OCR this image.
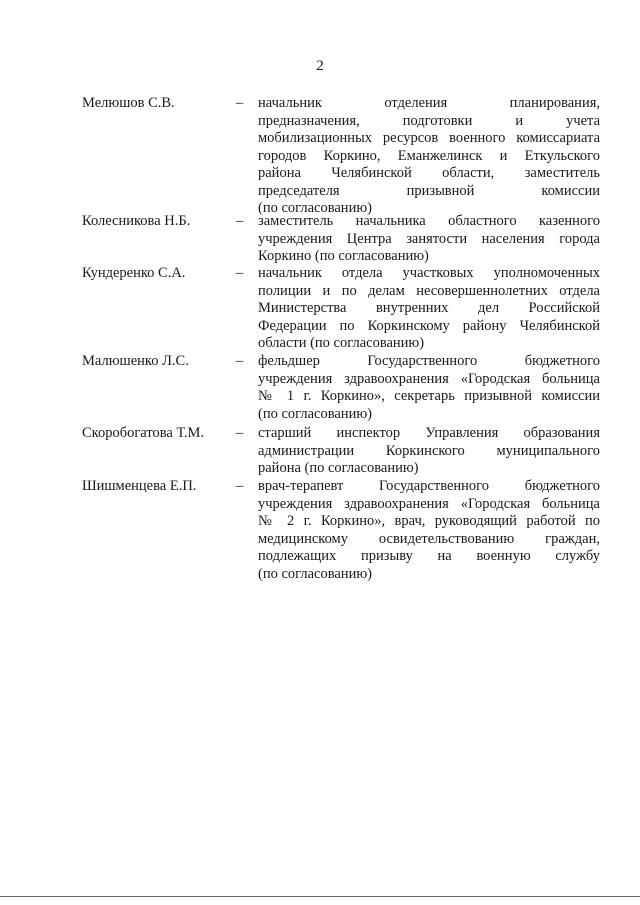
2
Мелюшов С.В.	– начальник отделения планирования,
предназначения, подготовки и учета
мобилизационных ресурсов военного комиссариата
городов Коркино, Еманжелинск и Еткульского
района Челябинской области, заместитель
председателя призывной комиссии
(по согласованию)
Колесникова Н.Б.	– заместитель начальника областного казенного
учреждения Центра занятости населения города
Коркино (по согласованию)
Кундеренко С.А.	– начальник отдела участковых уполномоченных
полиции и по делам несовершеннолетних отдела
Министерства внутренних дел Российской
Федерации по Коркинскому району Челябинской
области (по согласованию)
Малюшенко Л.С.	– фельдшер Государственного бюджетного
учреждения здравоохранения «Городская больница
№ 1 г. Коркино», секретарь призывной комиссии
(по согласованию)
Скоробогатова Т.М. – старший инспектор Управления образования
администрации Коркинского муниципального
района (по согласованию)
Шишменцева Е.П.	– врач-терапевт Государственного бюджетного
учреждения здравоохранения «Городская больница
№ 2 г. Коркино», врач, руководящий работой по
медицинскому освидетельствованию граждан,
подлежащих призыву на военную службу
(по согласованию)
